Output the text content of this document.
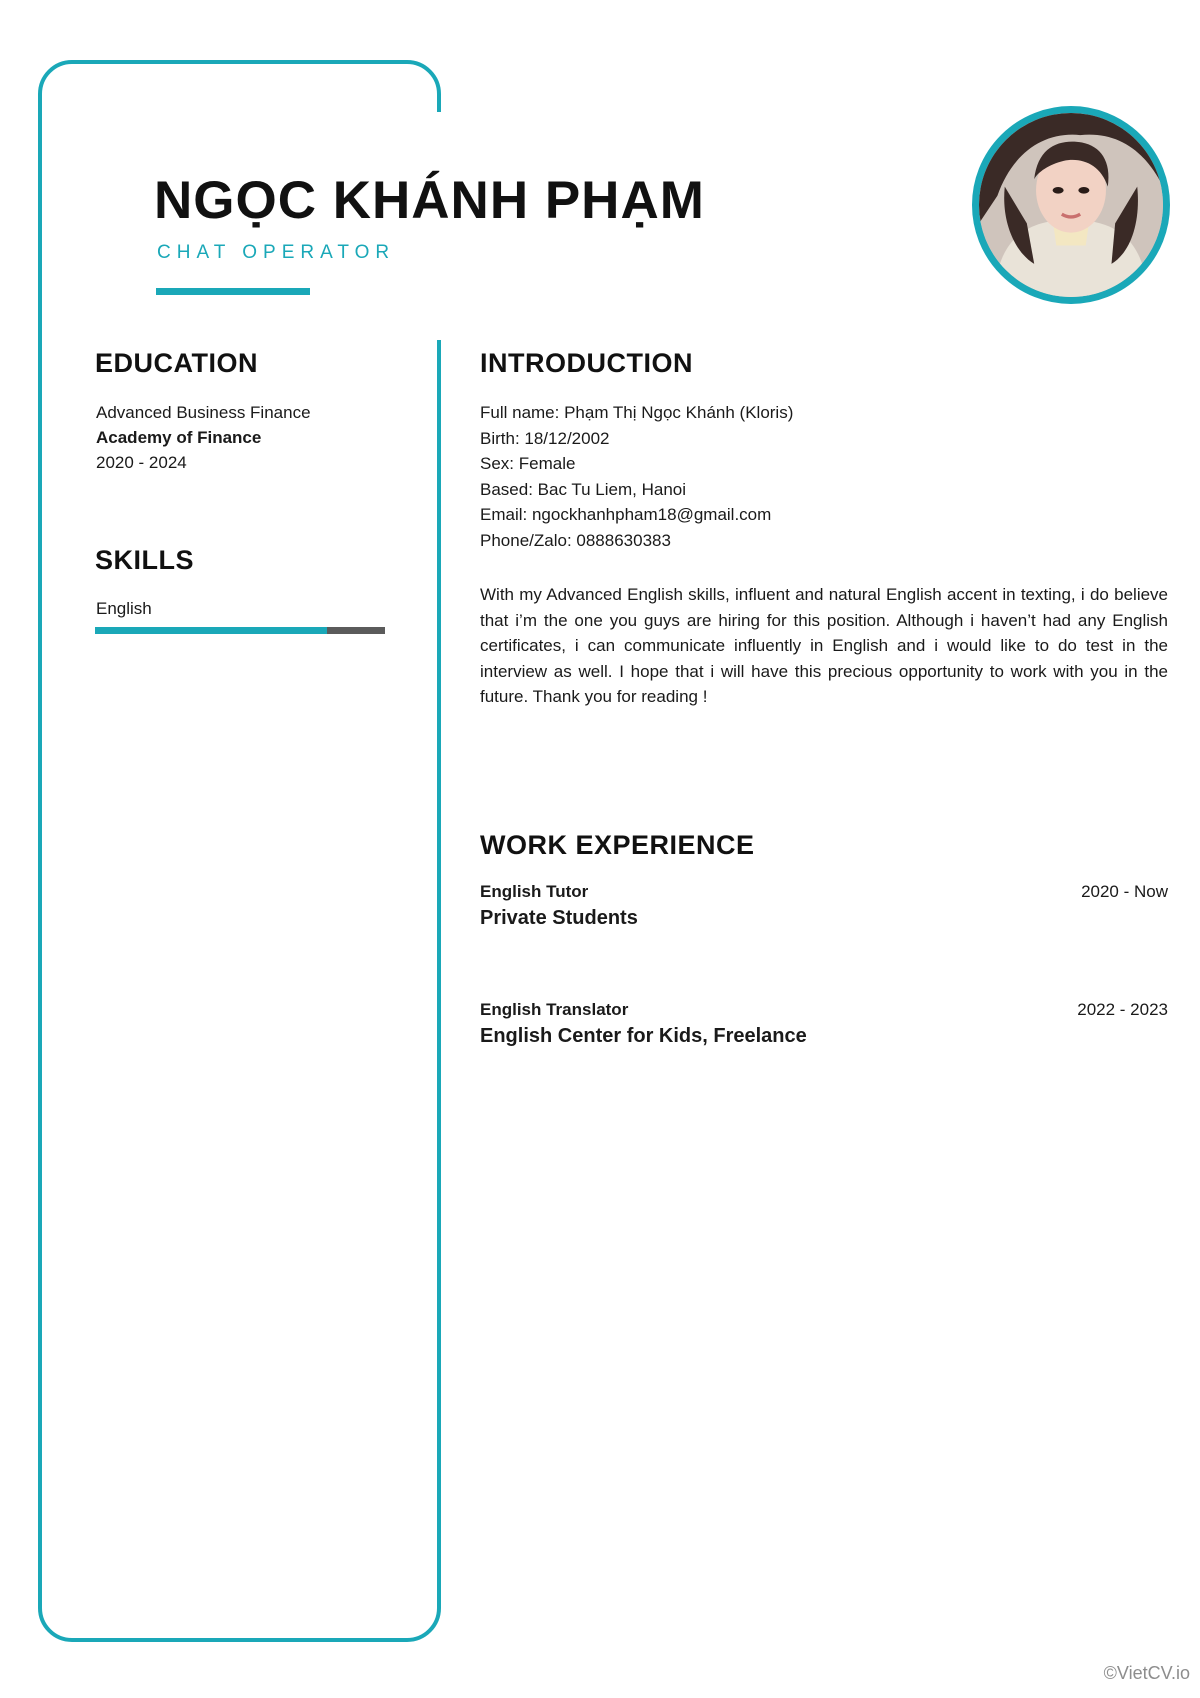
NGỌC KHÁNH PHẠM
CHAT OPERATOR
EDUCATION
Advanced Business Finance
Academy of Finance
2020 - 2024
SKILLS
English
INTRODUCTION
Full name: Phạm Thị Ngọc Khánh (Kloris)
Birth: 18/12/2002
Sex: Female
Based: Bac Tu Liem, Hanoi
Email: ngockhanhpham18@gmail.com
Phone/Zalo: 0888630383

With my Advanced English skills, influent and natural English accent in texting, i do believe that i’m the one you guys are hiring for this position. Although i haven’t had any English certificates, i can communicate influently in English and i would like to do test in the interview as well. I hope that i will have this precious opportunity to work with you in the future. Thank you for reading !

WORK EXPERIENCE
English Tutor	2020 - Now
Private Students
English Translator	2022 - 2023
English Center for Kids, Freelance
©VietCV.io
